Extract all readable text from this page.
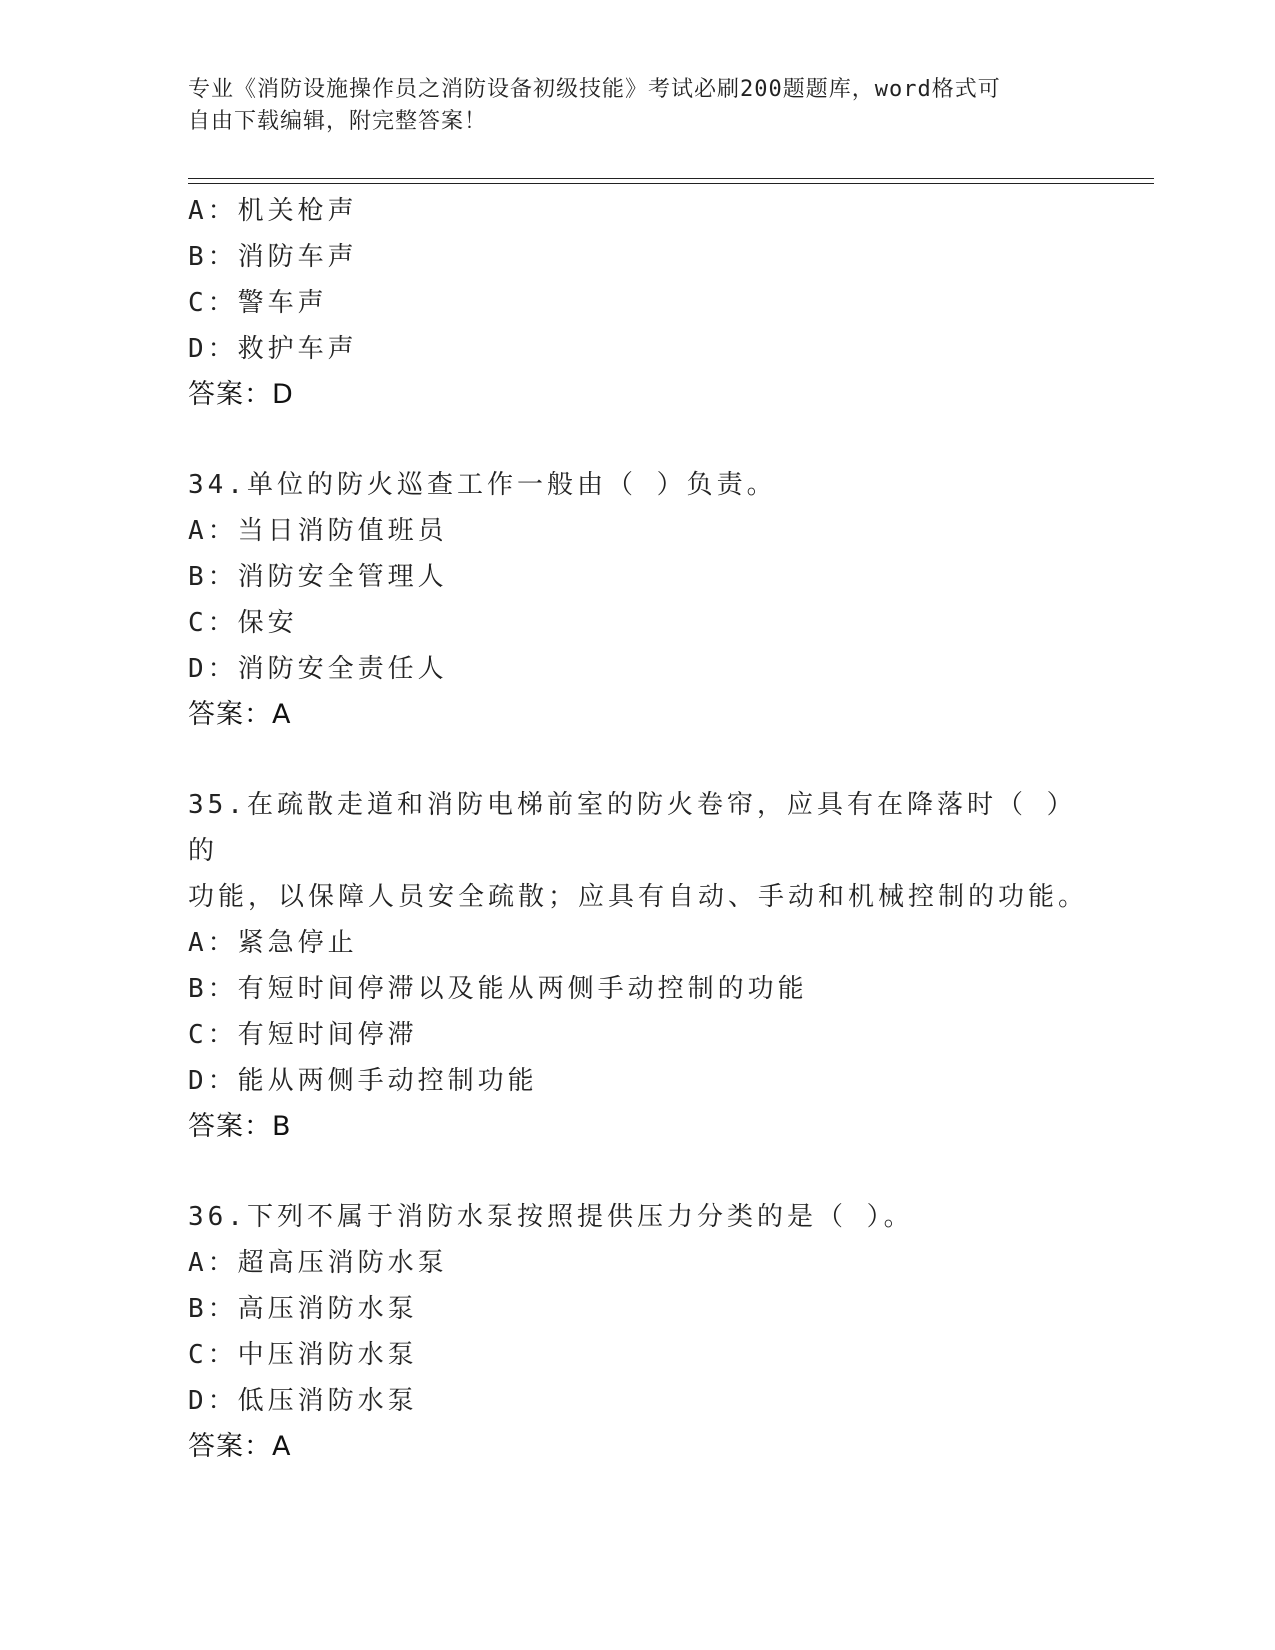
专业《消防设施操作员之消防设备初级技能》考试必刷200题题库，word格式可
自由下载编辑，附完整答案！
A：机关枪声
B：消防车声
C：警车声
D：救护车声
答案：D
34.单位的防火巡查工作一般由（ ）负责。
A：当日消防值班员
B：消防安全管理人
C：保安
D：消防安全责任人
答案：A
35.在疏散走道和消防电梯前室的防火卷帘，应具有在降落时（ ）的
功能，以保障人员安全疏散；应具有自动、手动和机械控制的功能。
A：紧急停止
B：有短时间停滞以及能从两侧手动控制的功能
C：有短时间停滞
D：能从两侧手动控制功能
答案：B
36.下列不属于消防水泵按照提供压力分类的是（ ）。
A：超高压消防水泵
B：高压消防水泵
C：中压消防水泵
D：低压消防水泵
答案：A
